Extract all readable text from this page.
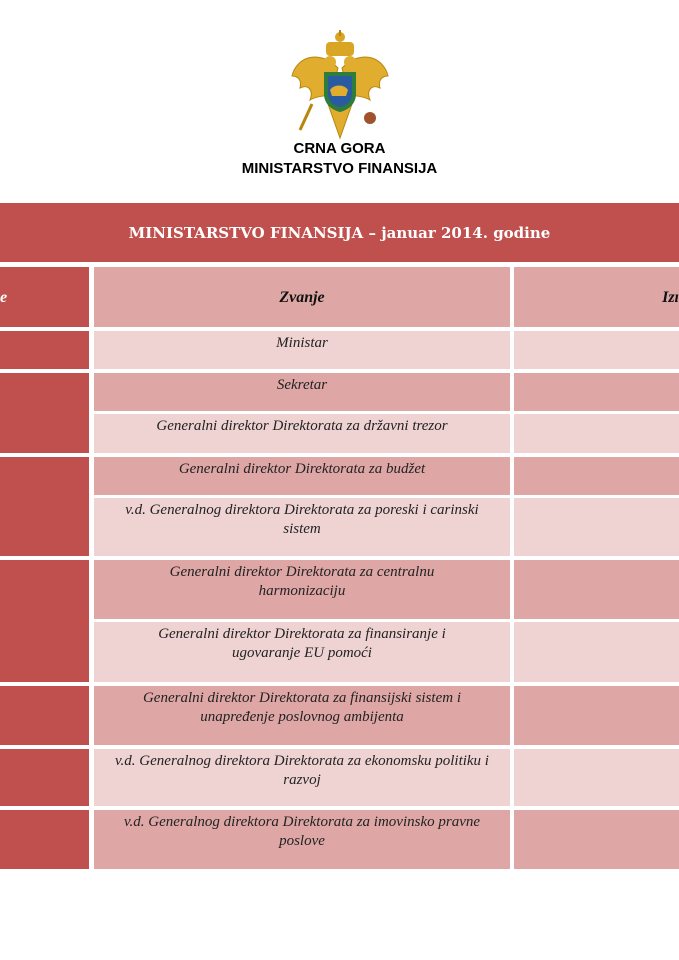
CRNA GORA
MINISTARSTVO FINANSIJA
MINISTARSTVO FINANSIJA – januar 2014. godine
e	Zvanje	Izı
Ministar
Sekretar
Generalni direktor Direktorata za državni trezor
Generalni direktor Direktorata za budžet
v.d. Generalnog direktora Direktorata za poreski i carinski sistem
Generalni direktor Direktorata za centralnu harmonizaciju
Generalni direktor Direktorata za finansiranje i ugovaranje EU pomoći
Generalni direktor Direktorata za finansijski sistem i unapređenje poslovnog ambijenta
v.d. Generalnog direktora Direktorata za ekonomsku politiku i razvoj
v.d. Generalnog direktora Direktorata za imovinsko pravne poslove
